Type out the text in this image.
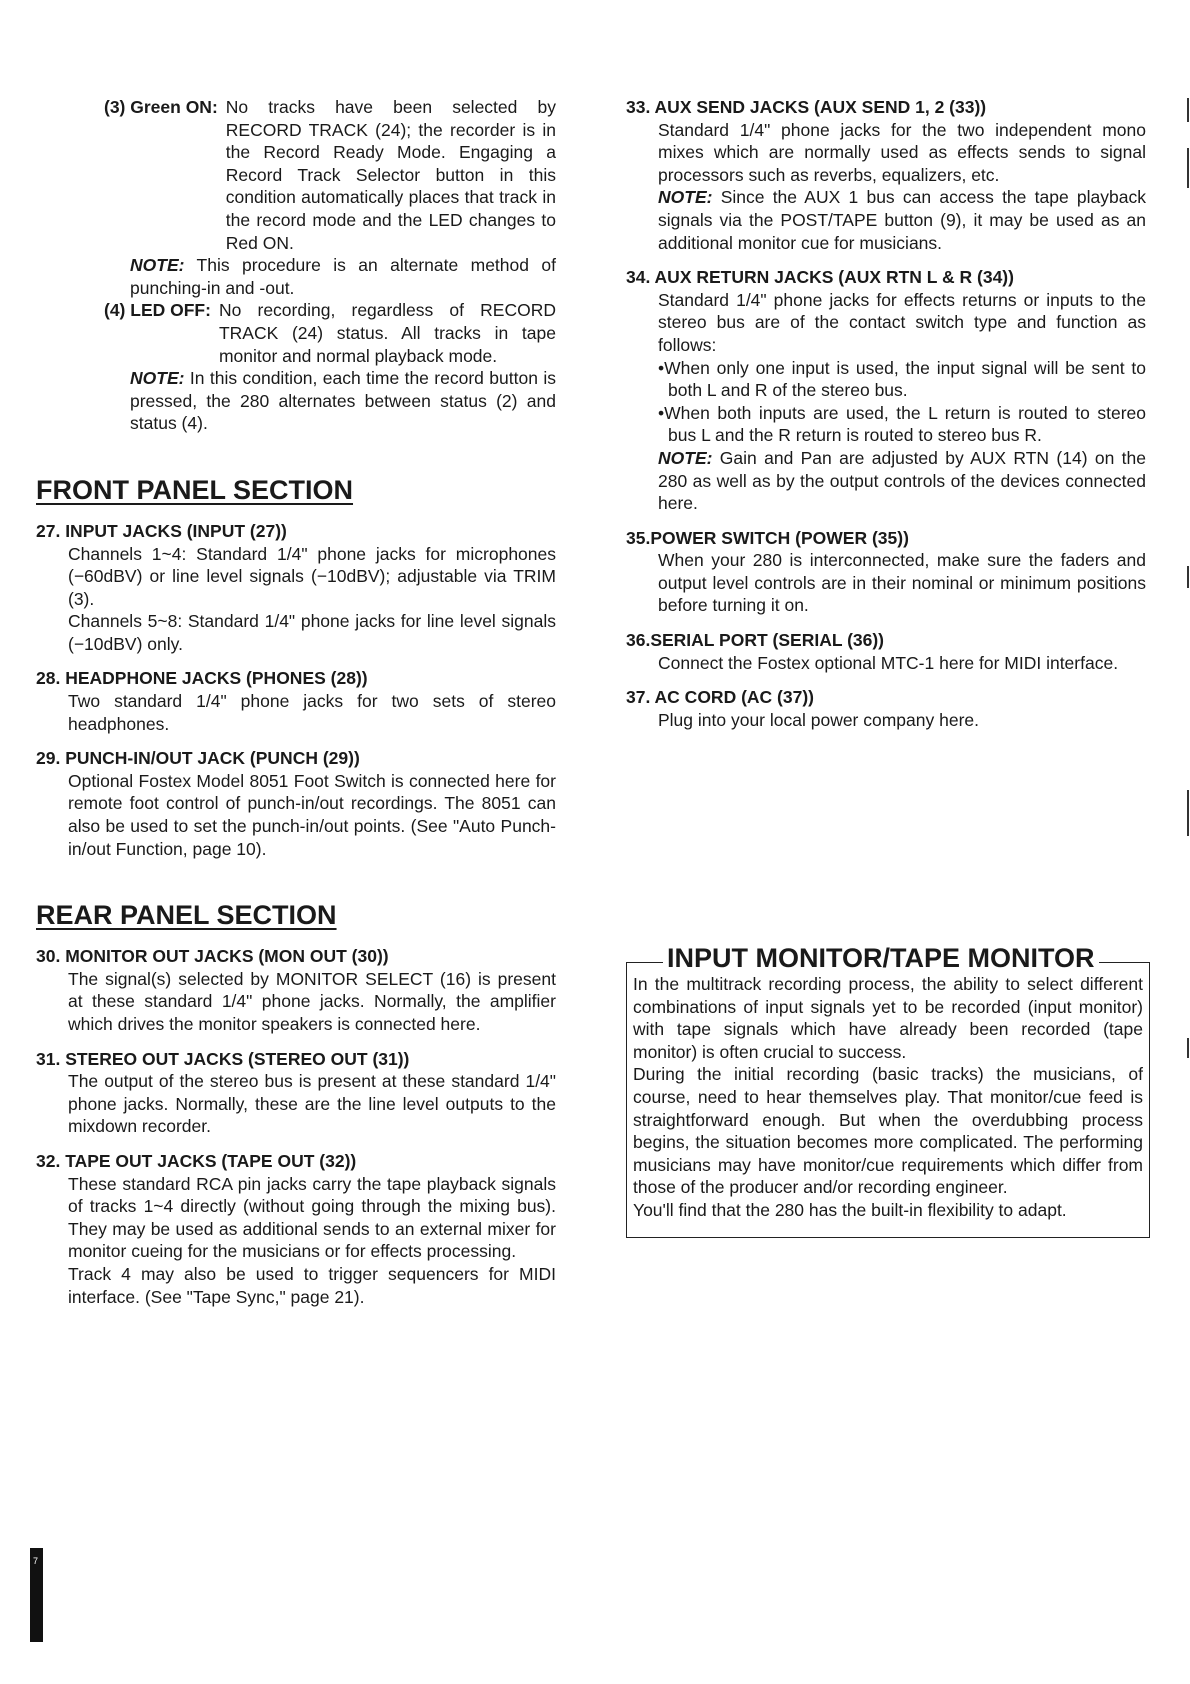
(3) Green ON: No tracks have been selected by RECORD TRACK (24); the recorder is in the Record Ready Mode. Engaging a Record Track Selector button in this condition automatically places that track in the record mode and the LED changes to Red ON.

NOTE: This procedure is an alternate method of punching-in and -out.

(4) LED OFF: No recording, regardless of RECORD TRACK (24) status. All tracks in tape monitor and normal playback mode.

NOTE: In this condition, each time the record button is pressed, the 280 alternates between status (2) and status (4).

FRONT PANEL SECTION

27. INPUT JACKS (INPUT (27))

Channels 1~4: Standard 1/4" phone jacks for microphones (−60dBV) or line level signals (−10dBV); adjustable via TRIM (3).

Channels 5~8: Standard 1/4" phone jacks for line level signals (−10dBV) only.

28. HEADPHONE JACKS (PHONES (28))

Two standard 1/4" phone jacks for two sets of stereo headphones.

29. PUNCH-IN/OUT JACK (PUNCH (29))

Optional Fostex Model 8051 Foot Switch is connected here for remote foot control of punch-in/out recordings. The 8051 can also be used to set the punch-in/out points. (See "Auto Punch-in/out Function, page 10).

REAR PANEL SECTION

30. MONITOR OUT JACKS (MON OUT (30))

The signal(s) selected by MONITOR SELECT (16) is present at these standard 1/4" phone jacks. Normally, the amplifier which drives the monitor speakers is connected here.

31. STEREO OUT JACKS (STEREO OUT (31))

The output of the stereo bus is present at these standard 1/4" phone jacks. Normally, these are the line level outputs to the mixdown recorder.

32. TAPE OUT JACKS (TAPE OUT (32))

These standard RCA pin jacks carry the tape playback signals of tracks 1~4 directly (without going through the mixing bus). They may be used as additional sends to an external mixer for monitor cueing for the musicians or for effects processing.

Track 4 may also be used to trigger sequencers for MIDI interface. (See "Tape Sync," page 21).

33. AUX SEND JACKS (AUX SEND 1, 2 (33))

Standard 1/4" phone jacks for the two independent mono mixes which are normally used as effects sends to signal processors such as reverbs, equalizers, etc.

NOTE: Since the AUX 1 bus can access the tape playback signals via the POST/TAPE button (9), it may be used as an additional monitor cue for musicians.

34. AUX RETURN JACKS (AUX RTN L & R (34))

Standard 1/4" phone jacks for effects returns or inputs to the stereo bus are of the contact switch type and function as follows:

•When only one input is used, the input signal will be sent to both L and R of the stereo bus.

•When both inputs are used, the L return is routed to stereo bus L and the R return is routed to stereo bus R.

NOTE: Gain and Pan are adjusted by AUX RTN (14) on the 280 as well as by the output controls of the devices connected here.

35.POWER SWITCH (POWER (35))

When your 280 is interconnected, make sure the faders and output level controls are in their nominal or minimum positions before turning it on.

36.SERIAL PORT (SERIAL (36))

Connect the Fostex optional MTC-1 here for MIDI interface.

37. AC CORD (AC (37))

Plug into your local power company here.

INPUT MONITOR/TAPE MONITOR

In the multitrack recording process, the ability to select different combinations of input signals yet to be recorded (input monitor) with tape signals which have already been recorded (tape monitor) is often crucial to success.

During the initial recording (basic tracks) the musicians, of course, need to hear themselves play. That monitor/cue feed is straightforward enough. But when the overdubbing process begins, the situation becomes more complicated. The performing musicians may have monitor/cue requirements which differ from those of the producer and/or recording engineer.

You'll find that the 280 has the built-in flexibility to adapt.

7
